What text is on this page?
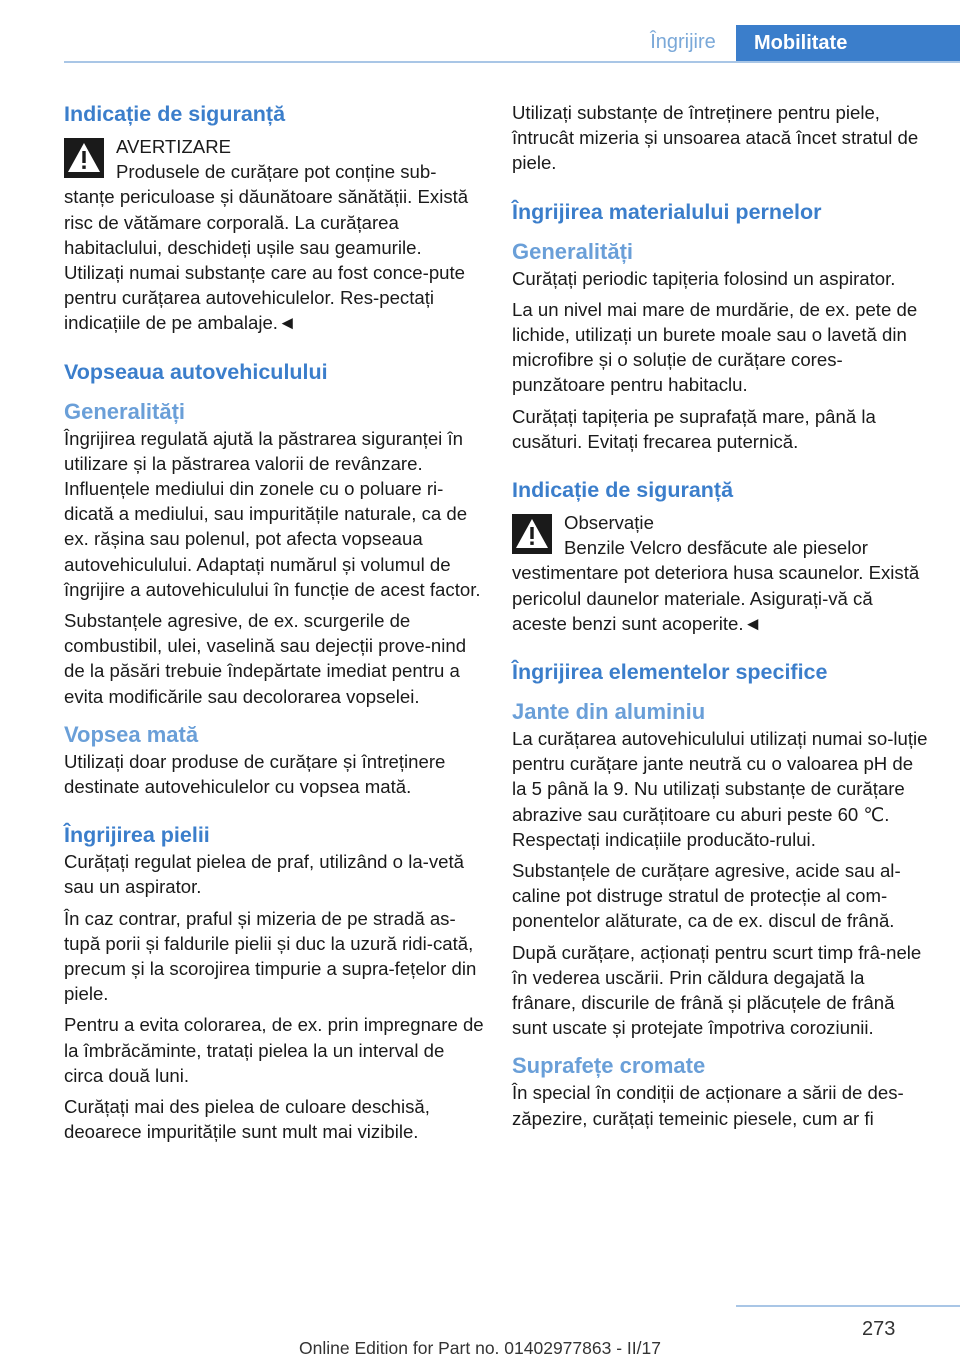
Îngrijire	Mobilitate
Indicație de siguranță
AVERTIZARE
Produsele de curățare pot conține sub‐
stanțe periculoase și dăunătoare sănătății. Există risc de vătămare corporală. La curățarea habitaclului, deschideți ușile sau geamurile. Utilizați numai substanțe care au fost conce‐pute pentru curățarea autovehiculelor. Res‐pectați indicațiile de pe ambalaje.◄
Vopseaua autovehiculului
Generalități
Îngrijirea regulată ajută la păstrarea siguranței în utilizare și la păstrarea valorii de revânzare. Influențele mediului din zonele cu o poluare ri‐dicată a mediului, sau impuritățile naturale, ca de ex. rășina sau polenul, pot afecta vopseaua autovehiculului. Adaptați numărul și volumul de îngrijire a autovehiculului în funcție de acest factor.
Substanțele agresive, de ex. scurgerile de combustibil, ulei, vaselină sau dejecții prove‐nind de la păsări trebuie îndepărtate imediat pentru a evita modificările sau decolorarea vopselei.
Vopsea mată
Utilizați doar produse de curățare și întreținere destinate autovehiculelor cu vopsea mată.
Îngrijirea pielii
Curățați regulat pielea de praf, utilizând o la‐vetă sau un aspirator.
În caz contrar, praful și mizeria de pe stradă as‐tupă porii și faldurile pielii și duc la uzură ridi‐cată, precum și la scorojirea timpurie a supra‐fețelor din piele.
Pentru a evita colorarea, de ex. prin impregnare de la îmbrăcăminte, tratați pielea la un interval de circa două luni.
Curățați mai des pielea de culoare deschisă, deoarece impuritățile sunt mult mai vizibile.
Utilizați substanțe de întreținere pentru piele, întrucât mizeria și unsoarea atacă încet stratul de piele.
Îngrijirea materialului pernelor
Generalități
Curățați periodic tapițeria folosind un aspirator.
La un nivel mai mare de murdărie, de ex. pete de lichide, utilizați un burete moale sau o lavetă din microfibre și o soluție de curățare cores‐punzătoare pentru habitaclu.
Curățați tapițeria pe suprafață mare, până la cusături. Evitați frecarea puternică.
Indicație de siguranță
Observație
Benzile Velcro desfăcute ale pieselor
vestimentare pot deteriora husa scaunelor. Există pericolul daunelor materiale. Asigurați-vă că aceste benzi sunt acoperite.◄
Îngrijirea elementelor specifice
Jante din aluminiu
La curățarea autovehiculului utilizați numai so‐luție pentru curățare jante neutră cu o valoarea pH de la 5 până la 9. Nu utilizați substanțe de curățare abrazive sau curățitoare cu aburi peste 60 ℃. Respectați indicațiile producăto‐rului.
Substanțele de curățare agresive, acide sau al‐caline pot distruge stratul de protecție al com‐ponentelor alăturate, ca de ex. discul de frână.
După curățare, acționați pentru scurt timp frâ‐nele în vederea uscării. Prin căldura degajată la frânare, discurile de frână și plăcuțele de frână sunt uscate și protejate împotriva coroziunii.
Suprafețe cromate
În special în condiții de acționare a sării de des‐zăpezire, curățați temeinic piesele, cum ar fi
273
Online Edition for Part no. 01402977863 - II/17
